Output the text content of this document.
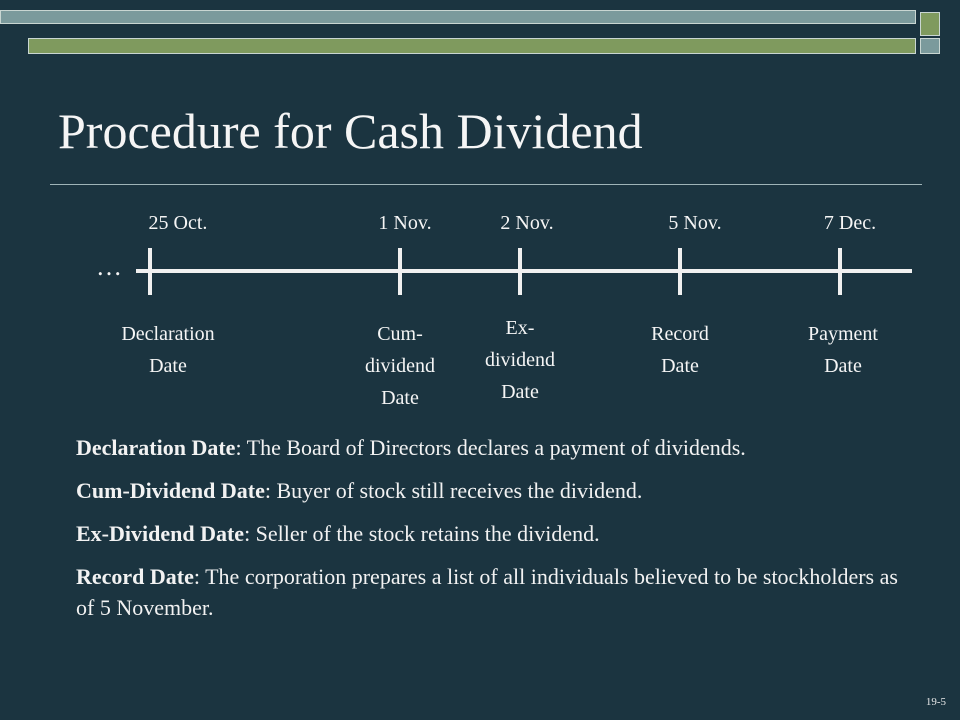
Procedure for Cash Dividend
…
25 Oct.
Declaration
Date
1 Nov.
Cum-
dividend
Date
2 Nov.
Ex-
dividend
Date
5 Nov.
Record
Date
7 Dec.
Payment
Date

Declaration Date: The Board of Directors declares a payment of dividends.

Cum-Dividend Date: Buyer of stock still receives the dividend.

Ex-Dividend Date: Seller of the stock retains the dividend.

Record Date: The corporation prepares a list of all individuals believed to be stockholders as of 5 November.

19-5
